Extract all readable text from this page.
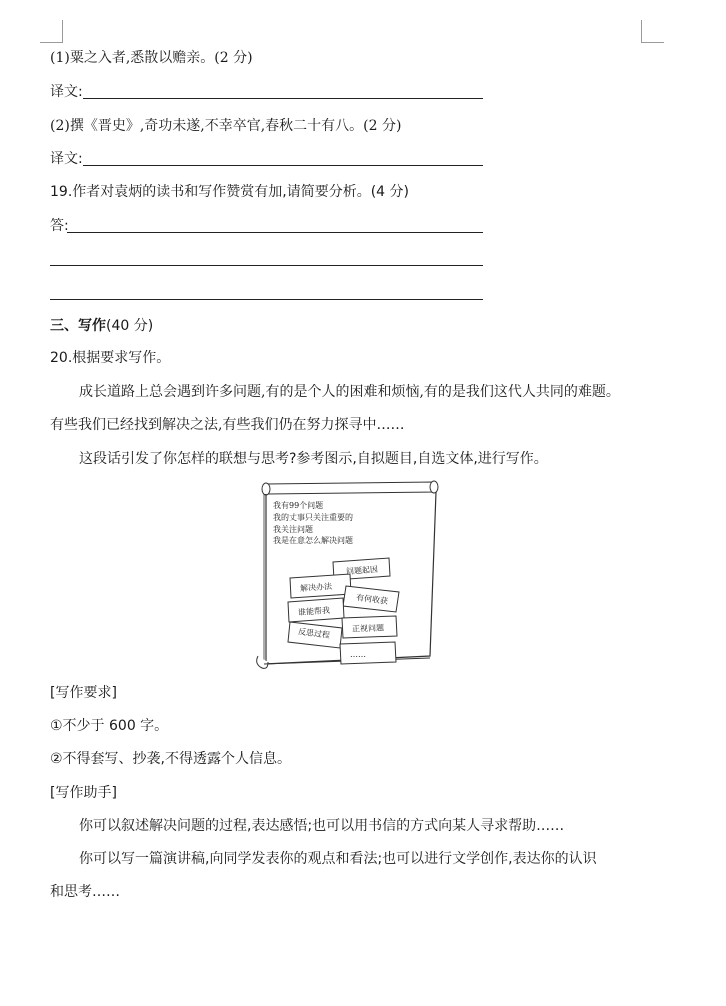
(1)粟之入者,悉散以赡亲。(2 分)
译文:
(2)撰《晋史》,奇功未遂,不幸卒官,春秋二十有八。(2 分)
译文:
19.作者对袁炳的读书和写作赞赏有加,请简要分析。(4 分)
答:
三、写作(40 分)
20.根据要求写作。
成长道路上总会遇到许多问题,有的是个人的困难和烦恼,有的是我们这代人共同的难题。
有些我们已经找到解决之法,有些我们仍在努力探寻中……
这段话引发了你怎样的联想与思考?参考图示,自拟题目,自选文体,进行写作。
我有99个问题
我的丈事只关注重要的
我关注问题
我是在意怎么解决问题
问题起因
解决办法
有何收获
谁能帮我
反思过程	正视问题
……
[写作要求]
①不少于 600 字。
②不得套写、抄袭,不得透露个人信息。
[写作助手]
你可以叙述解决问题的过程,表达感悟;也可以用书信的方式向某人寻求帮助……
你可以写一篇演讲稿,向同学发表你的观点和看法;也可以进行文学创作,表达你的认识
和思考……
